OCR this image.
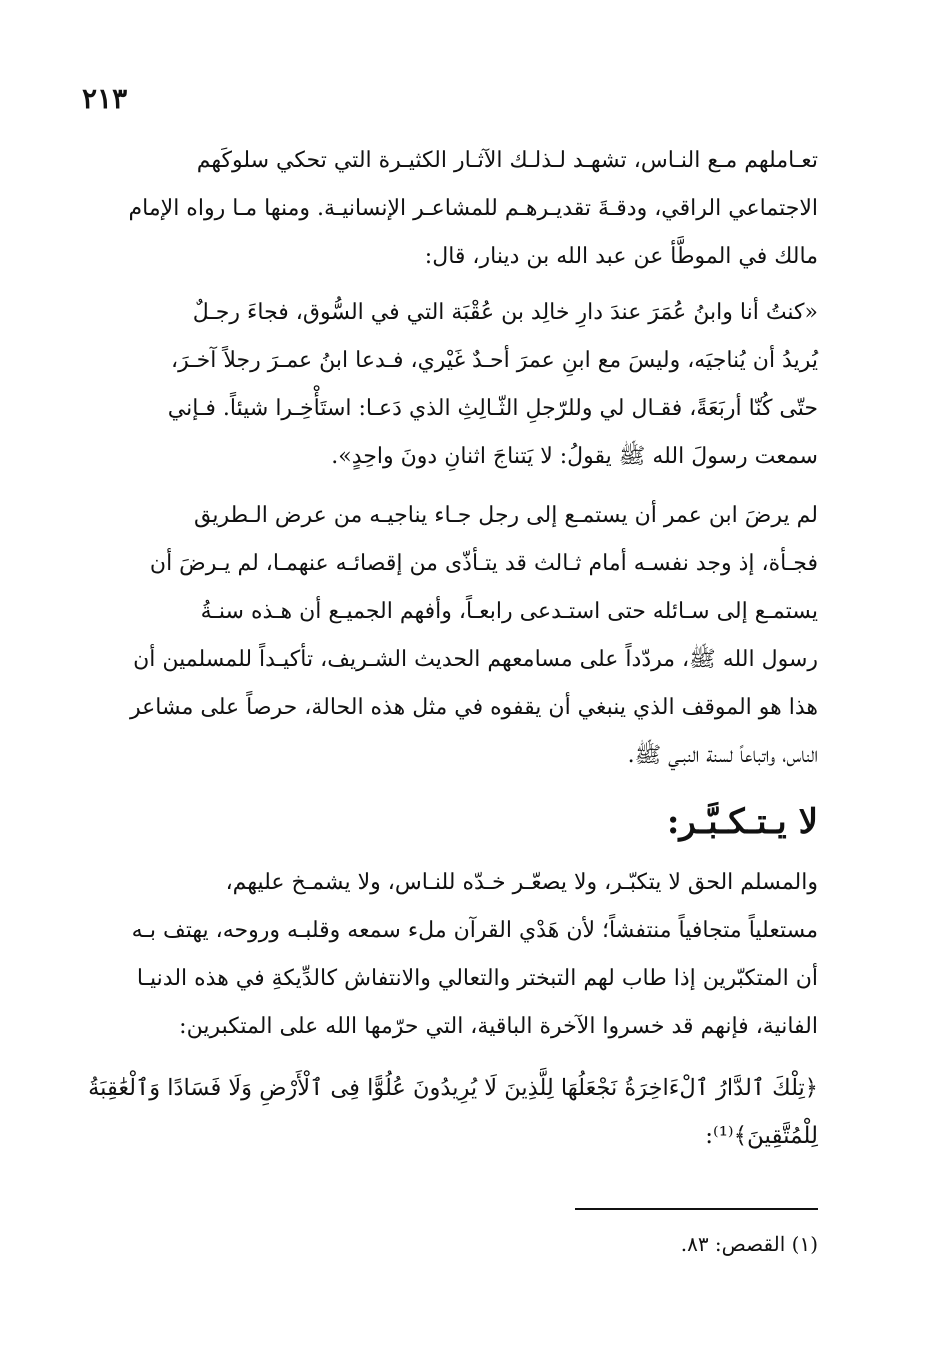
٢١٣
تعـاملهم مـع النـاس، تشهـد لـذلـك الآثـار الكثيـرة التي تحكي سلوكَهم
الاجتماعي الراقي، ودقـةَ تقديـرهـم للمشاعـر الإنسانيـة. ومنها مـا رواه الإمام
مالك في الموطَّأ عن عبد الله بن دينار، قال:
«كنتُ أنا وابنُ عُمَرَ عندَ دارِ خالِد بن عُقْبَة التي في السُّوق، فجاءَ رجـلٌ
يُريدُ أن يُناجيَه، وليسَ مع ابنِ عمرَ أحـدٌ غَيْري، فـدعا ابنُ عمـرَ رجلاً آخـرَ،
حتّى كُنّا أربَعَةً، فقـال لي وللرّجلِ الثّـالِثِ الذي دَعـا: استَأْخِـرا شيئاً. فـإني
سمعت رسولَ الله ﷺ يقولُ: لا يَتناجَ اثنانِ دونَ واحِدٍ».
لم يرضَ ابن عمر أن يستمـع إلى رجل جـاء يناجيـه من عرض الـطريق
فجـأة، إذ وجد نفسـه أمام ثـالث قد يتـأذّى من إقصائـه عنهمـا، لم يـرضَ أن
يستمـع إلى سـائله حتى استـدعى رابعـاً، وأفهم الجميـع أن هـذه سنـةُ
رسول الله ﷺ، مردّداً على مسامعهم الحديث الشـريف، تأكيـداً للمسلمين أن
هذا هو الموقف الذي ينبغي أن يقفوه في مثل هذه الحالة، حرصاً على مشاعر
الناس، واتباعاً لسنة النبـي ﷺ.
لا يـتـكـبَّـر:
والمسلم الحق لا يتكبّـر، ولا يصعّـر خـدّه للنـاس، ولا يشمـخ عليهم،
مستعلياً متجافياً منتفشاً؛ لأن هَدْي القرآن ملء سمعه وقلبـه وروحه، يهتف بـه
أن المتكبّرين إذا طاب لهم التبختر والتعالي والانتفاش كالدِّيكةِ في هذه الدنيـا
الفانية، فإنهم قد خسروا الآخرة الباقية، التي حرّمها الله على المتكبرين:
﴿تِلْكَ ٱلدَّارُ ٱلْءَاخِرَةُ نَجْعَلُهَا لِلَّذِينَ لَا يُرِيدُونَ عُلُوًّا فِى ٱلْأَرْضِ وَلَا فَسَادًا وَٱلْعَٰقِبَةُ
لِلْمُتَّقِينَ﴾⁽¹⁾:
(١) القصص: ٨٣.
